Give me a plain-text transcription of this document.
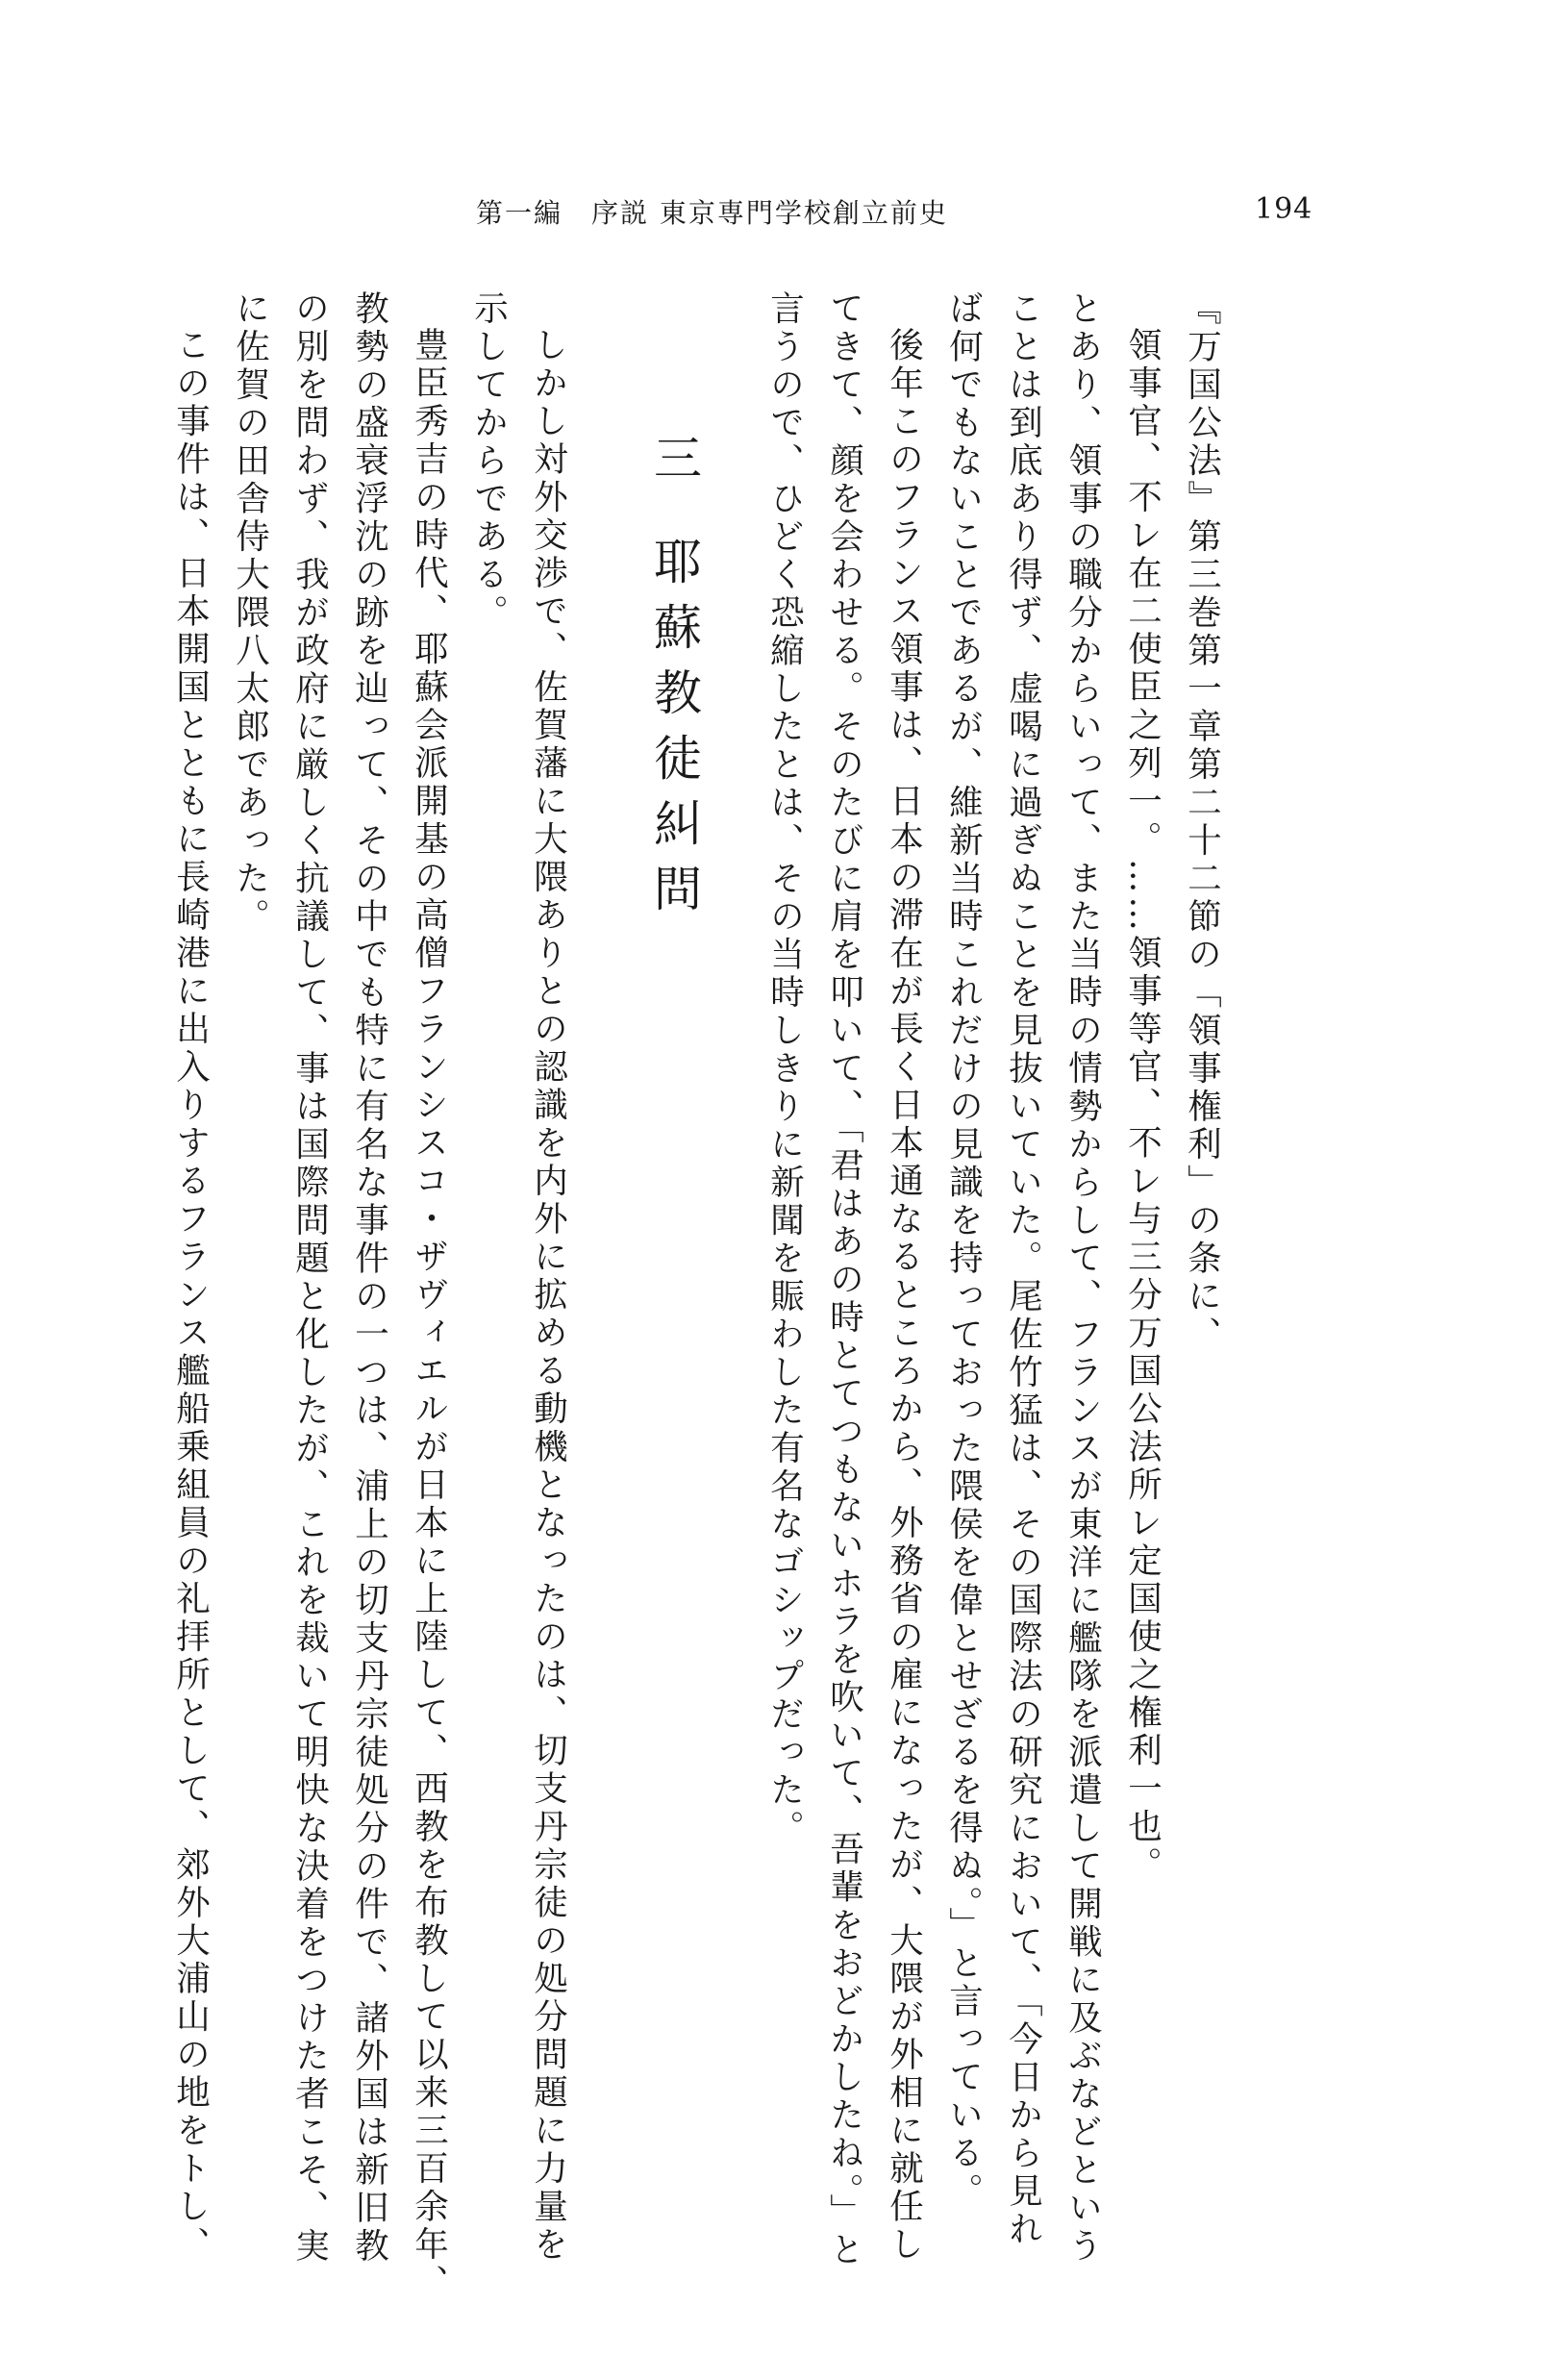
第一編　序説 東京専門学校創立前史	194
『万国公法』第三巻第一章第二十二節の「領事権利」の条に、
領事官、不レ在二使臣之列一。……領事等官、不レ与三分万国公法所レ定国使之権利一也。
とあり、領事の職分からいって、また当時の情勢からして、フランスが東洋に艦隊を派遣して開戦に及ぶなどという
ことは到底あり得ず、虚喝に過ぎぬことを見抜いていた。尾佐竹猛は、その国際法の研究において、「今日から見れ
ば何でもないことであるが、維新当時これだけの見識を持っておった隈侯を偉とせざるを得ぬ。」と言っている。
後年このフランス領事は、日本の滞在が長く日本通なるところから、外務省の雇になったが、大隈が外相に就任し
てきて、顔を会わせる。そのたびに肩を叩いて、「君はあの時とてつもないホラを吹いて、吾輩をおどかしたね。」と
言うので、ひどく恐縮したとは、その当時しきりに新聞を賑わした有名なゴシップだった。
三耶蘇教徒糾問
しかし対外交渉で、佐賀藩に大隈ありとの認識を内外に拡める動機となったのは、切支丹宗徒の処分問題に力量を
示してからである。
豊臣秀吉の時代、耶蘇会派開基の高僧フランシスコ・ザヴィエルが日本に上陸して、西教を布教して以来三百余年、
教勢の盛衰浮沈の跡を辿って、その中でも特に有名な事件の一つは、浦上の切支丹宗徒処分の件で、諸外国は新旧教
の別を問わず、我が政府に厳しく抗議して、事は国際問題と化したが、これを裁いて明快な決着をつけた者こそ、実
に佐賀の田舎侍大隈八太郎であった。
この事件は、日本開国とともに長崎港に出入りするフランス艦船乗組員の礼拝所として、郊外大浦山の地をトし、
